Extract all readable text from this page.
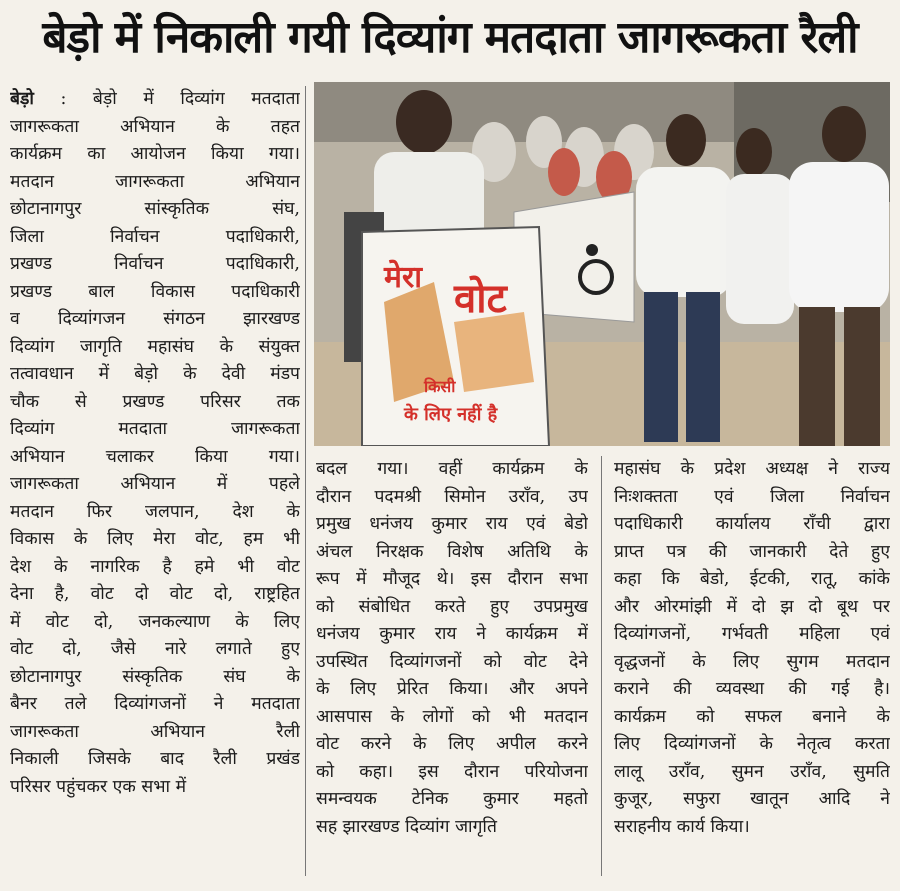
बेड़ो में निकाली गयी दिव्यांग मतदाता जागरूकता रैली
बेड़ो : बेड़ो में दिव्यांग मतदाता
जागरूकता अभियान के तहत
कार्यक्रम का आयोजन किया गया।
मतदान जागरूकता अभियान
छोटानागपुर सांस्कृतिक संघ,
जिला निर्वाचन पदाधिकारी,
प्रखण्ड निर्वाचन पदाधिकारी,
प्रखण्ड बाल विकास पदाधिकारी
व दिव्यांगजन संगठन झारखण्ड
दिव्यांग जागृति महासंघ के संयुक्त
तत्वावधान में बेड़ो के देवी मंडप
चौक से प्रखण्ड परिसर तक
दिव्यांग मतदाता जागरूकता
अभियान चलाकर किया गया।
जागरूकता अभियान में पहले
मतदान फिर जलपान, देश के
विकास के लिए मेरा वोट, हम भी
देश के नागरिक है हमे भी वोट
देना है, वोट दो वोट दो, राष्ट्रहित
में वोट दो, जनकल्याण के लिए
वोट दो, जैसे नारे लगाते हुए
छोटानागपुर संस्कृतिक संघ के
बैनर तले दिव्यांगजनों ने मतदाता
जागरूकता अभियान रैली
निकाली जिसके बाद रैली प्रखंड
परिसर पहुंचकर एक सभा में
बदल गया। वहीं कार्यक्रम के
दौरान पदमश्री सिमोन उराँव, उप
प्रमुख धनंजय कुमार राय एवं बेडो
अंचल निरक्षक विशेष अतिथि के
रूप में मौजूद थे। इस दौरान सभा
को संबोधित करते हुए उपप्रमुख
धनंजय कुमार राय ने कार्यक्रम में
उपस्थित दिव्यांगजनों को वोट देने
के लिए प्रेरित किया। और अपने
आसपास के लोगों को भी मतदान
वोट करने के लिए अपील करने
को कहा। इस दौरान परियोजना
समन्वयक टेनिक कुमार महतो
सह झारखण्ड दिव्यांग जागृति
महासंघ के प्रदेश अध्यक्ष ने राज्य
निःशक्तता एवं जिला निर्वाचन
पदाधिकारी कार्यालय राँची द्वारा
प्राप्त पत्र की जानकारी देते हुए
कहा कि बेडो, ईटकी, रातू, कांके
और ओरमांझी में दो झ दो बूथ पर
दिव्यांगजनों, गर्भवती महिला एवं
वृद्धजनों के लिए सुगम मतदान
कराने की व्यवस्था की गई है।
कार्यक्रम को सफल बनाने के
लिए दिव्यांगजनों के नेतृत्व करता
लालू उराँव, सुमन उराँव, सुमति
कुजूर, सफुरा खातून आदि ने
सराहनीय कार्य किया।
मेरा वोट
किसी
के लिए नहीं है
